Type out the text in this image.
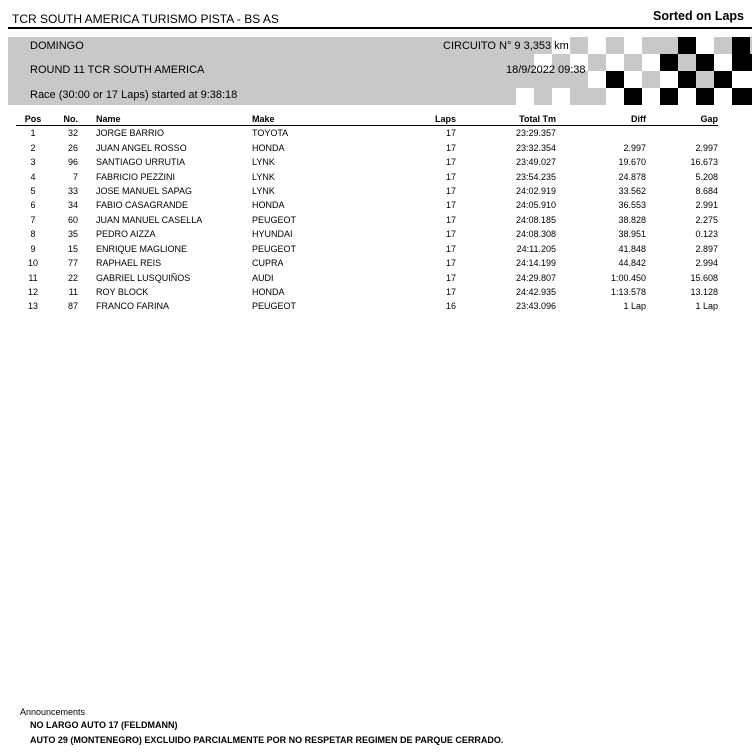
TCR SOUTH AMERICA TURISMO PISTA - BS AS	Sorted on Laps
DOMINGO	CIRCUITO N° 9 3,353 km
ROUND 11 TCR SOUTH AMERICA	18/9/2022 09:38
Race (30:00 or 17 Laps) started at 9:38:18
Pos	No.	Name	Make	Laps	Total Tm	Diff	Gap
1	32	JORGE BARRIO	TOYOTA	17	23:29.357		
2	26	JUAN ANGEL ROSSO	HONDA	17	23:32.354	2.997	2.997
3	96	SANTIAGO URRUTIA	LYNK	17	23:49.027	19.670	16.673
4	7	FABRICIO PEZZINI	LYNK	17	23:54.235	24.878	5.208
5	33	JOSE MANUEL SAPAG	LYNK	17	24:02.919	33.562	8.684
6	34	FABIO CASAGRANDE	HONDA	17	24:05.910	36.553	2.991
7	60	JUAN MANUEL CASELLA	PEUGEOT	17	24:08.185	38.828	2.275
8	35	PEDRO AIZZA	HYUNDAI	17	24:08.308	38.951	0.123
9	15	ENRIQUE MAGLIONE	PEUGEOT	17	24:11.205	41.848	2.897
10	77	RAPHAEL REIS	CUPRA	17	24:14.199	44.842	2.994
11	22	GABRIEL LUSQUIÑOS	AUDI	17	24:29.807	1:00.450	15.608
12	11	ROY BLOCK	HONDA	17	24:42.935	1:13.578	13.128
13	87	FRANCO FARINA	PEUGEOT	16	23:43.096	1 Lap	1 Lap
Announcements
NO LARGO AUTO 17 (FELDMANN)
AUTO 29 (MONTENEGRO) EXCLUIDO PARCIALMENTE POR NO RESPETAR REGIMEN DE PARQUE CERRADO.
